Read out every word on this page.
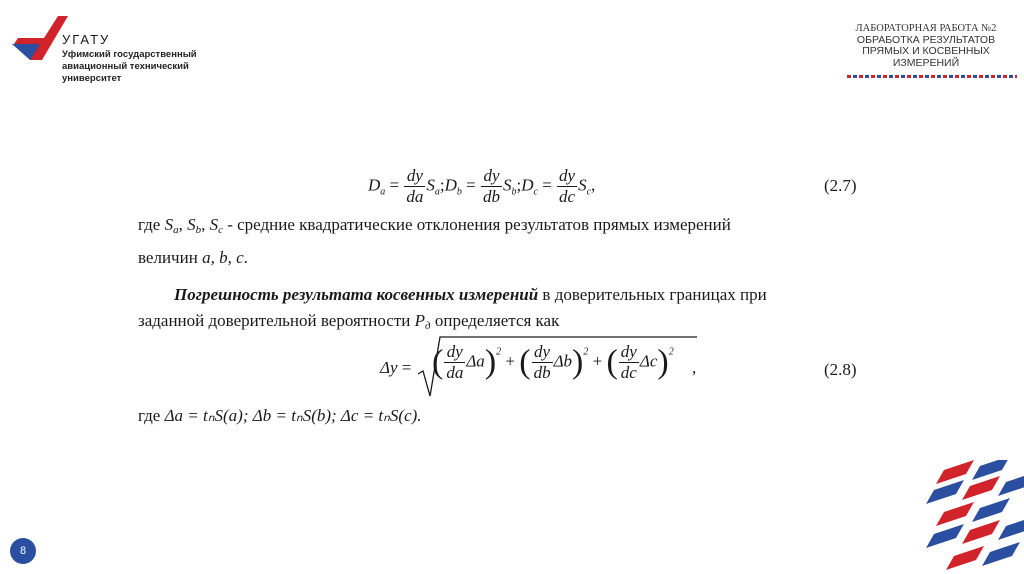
УГАТУ
Уфимский государственный
авиационный технический
университет
ЛАБОРАТОРНАЯ РАБОТА №2
ОБРАБОТКА РЕЗУЛЬТАТОВ
ПРЯМЫХ И КОСВЕННЫХ
ИЗМЕРЕНИЙ
$D_a = \frac{dy}{da}$ $S_a;D_b = \frac{dy}{db}$ $S_b;D_c = \frac{dy}{dc} S_c$,	(2.7)
где Sa, Sb, Sc - средние квадратические отклонения результатов прямых измерений
величин a, b, c.
Погрешность результата косвенных измерений в доверительных границах при
заданной доверительной вероятности Pд определяется как
Δy = ( $\frac{dy}{da} \Delta a)^2$ + ( $\frac{dy}{db} \Delta b)^2$ + ( $\frac{dy}{dc} \Delta c)^2$
,	(2.8)
где Δa = tₙS(a); Δb = tₙS(b); Δc = tₙS(c).
8
